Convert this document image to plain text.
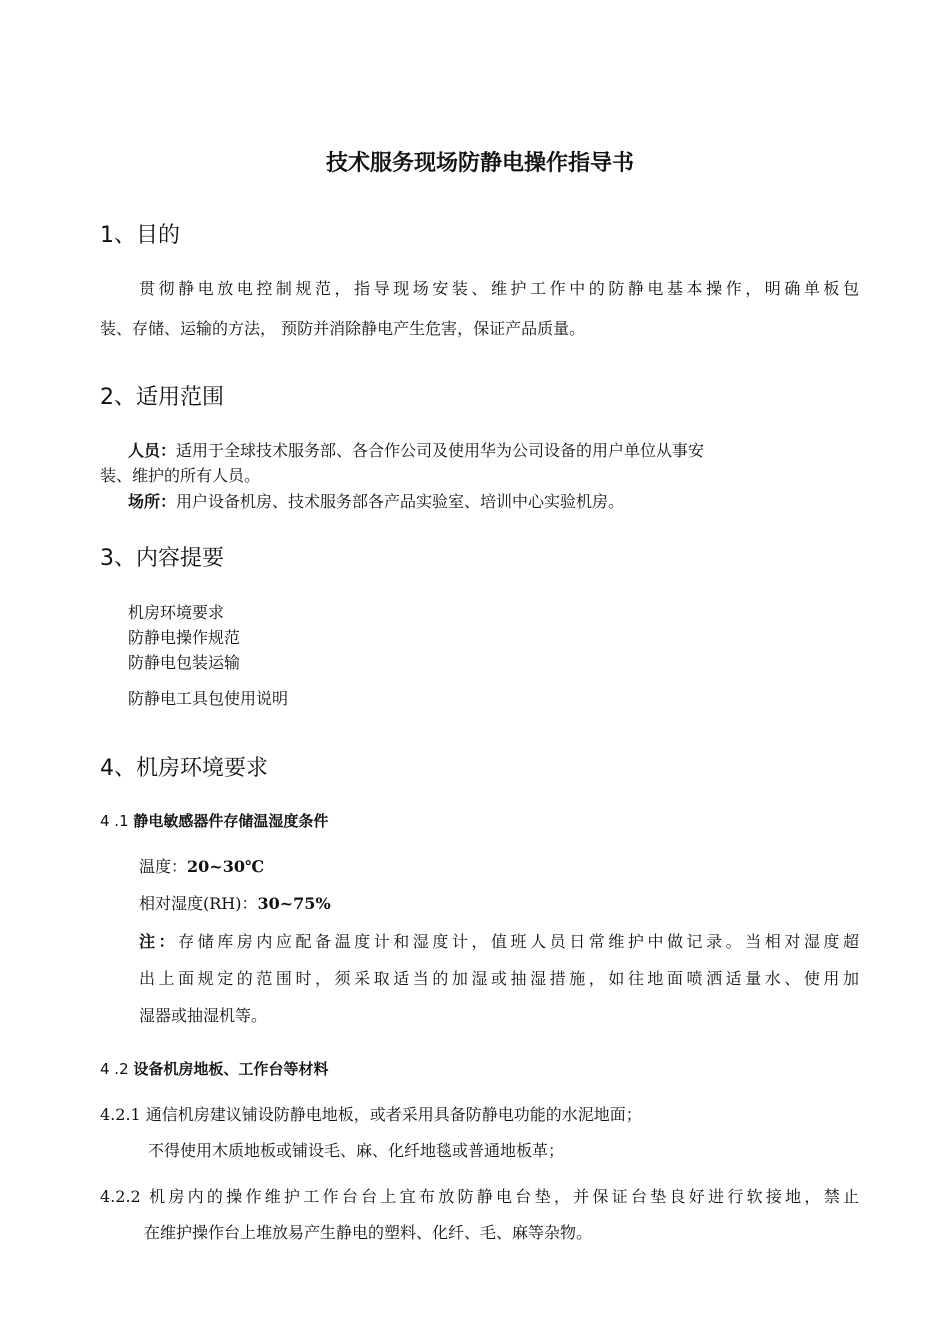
技术服务现场防静电操作指导书
1、目的
贯彻静电放电控制规范，指导现场安装、维护工作中的防静电基本操作，明确单板包
装、存储、运输的方法， 预防并消除静电产生危害，保证产品质量。
2、适用范围
人员：适用于全球技术服务部、各合作公司及使用华为公司设备的用户单位从事安
装、维护的所有人员。
场所：用户设备机房、技术服务部各产品实验室、培训中心实验机房。
3、内容提要
机房环境要求
防静电操作规范
防静电包装运输
防静电工具包使用说明
4、机房环境要求
4 .1 静电敏感器件存储温湿度条件
温度：20~30℃
相对湿度(RH)：30~75%
注：存储库房内应配备温度计和湿度计，值班人员日常维护中做记录。当相对湿度超
出上面规定的范围时，须采取适当的加湿或抽湿措施，如往地面喷洒适量水、使用加
湿器或抽湿机等。
4 .2 设备机房地板、工作台等材料
4.2.1 通信机房建议铺设防静电地板，或者采用具备防静电功能的水泥地面；
不得使用木质地板或铺设毛、麻、化纤地毯或普通地板革；
4.2.2 机房内的操作维护工作台台上宜布放防静电台垫，并保证台垫良好进行软接地，禁止
在维护操作台上堆放易产生静电的塑料、化纤、毛、麻等杂物。
